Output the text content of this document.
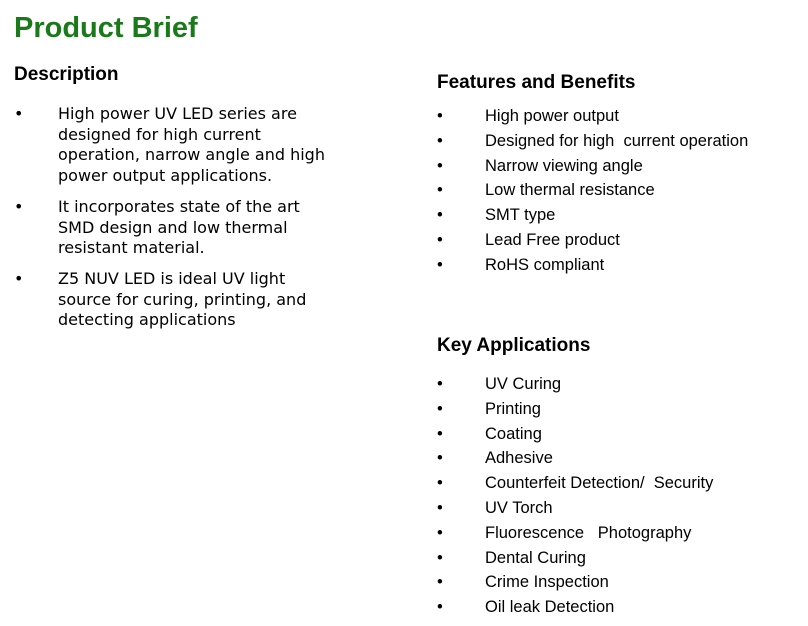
Product Brief
Description
• High power UV LED series are
designed for high current
operation, narrow angle and high
power output applications.
• It incorporates state of the art
SMD design and low thermal
resistant material.
• Z5 NUV LED is ideal UV light
source for curing, printing, and
detecting applications
Features and Benefits
•	High power output
•	Designed for high  current operation
•	Narrow viewing angle
•	Low thermal resistance
•	SMT type
•	Lead Free product
•	RoHS compliant
Key Applications
•	UV Curing
•	Printing
•	Coating
•	Adhesive
•	Counterfeit Detection/  Security
•	UV Torch
•	Fluorescence   Photography
•	Dental Curing
•	Crime Inspection
•	Oil leak Detection
